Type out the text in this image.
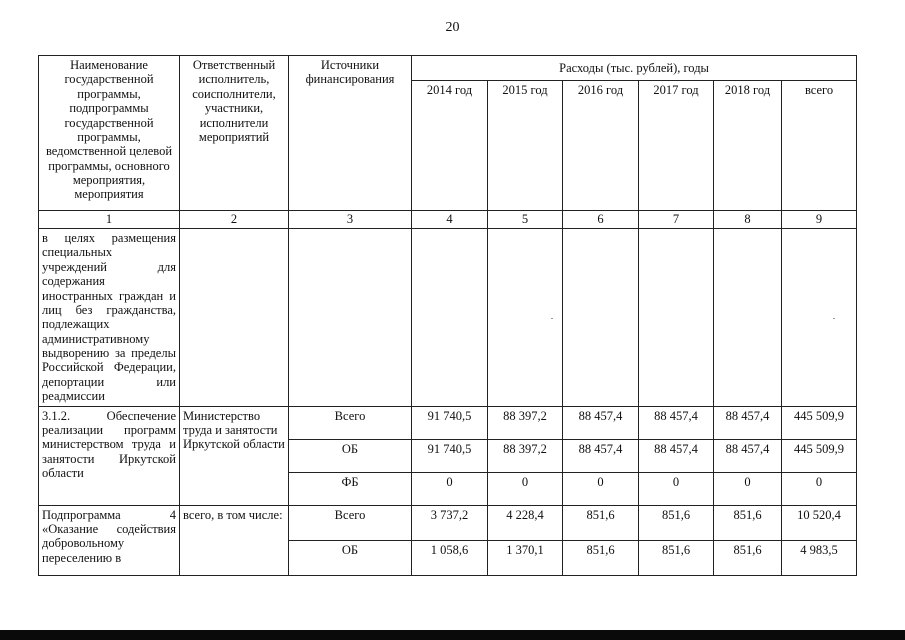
20
Наименование государственной программы, подпрограммы государственной программы, ведомственной целевой программы, основного мероприятия, мероприятия	Ответственный исполнитель, соисполнители, участники, исполнители мероприятий	Источники финансирования	Расходы (тыс. рублей), годы					
			2014 год	2015 год	2016 год	2017 год	2018 год	всего
1	2	3	4	5	6	7	8	9
в целях размещения специальных учреждений для содержания иностранных граждан и лиц без гражданства, подлежащих административному выдворению за пределы Российской Федерации, депортации или реадмиссии								
3.1.2. Обеспечение реализации программ министерством труда и занятости Иркутской области	Министерство труда и занятости Иркутской области	Всего	91 740,5	88 397,2	88 457,4	88 457,4	88 457,4	445 509,9
		ОБ	91 740,5	88 397,2	88 457,4	88 457,4	88 457,4	445 509,9
		ФБ	0	0	0	0	0	0
Подпрограмма 4 «Оказание содействия добровольному переселению в	всего, в том числе:	Всего	3 737,2	4 228,4	851,6	851,6	851,6	10 520,4
		ОБ	1 058,6	1 370,1	851,6	851,6	851,6	4 983,5
